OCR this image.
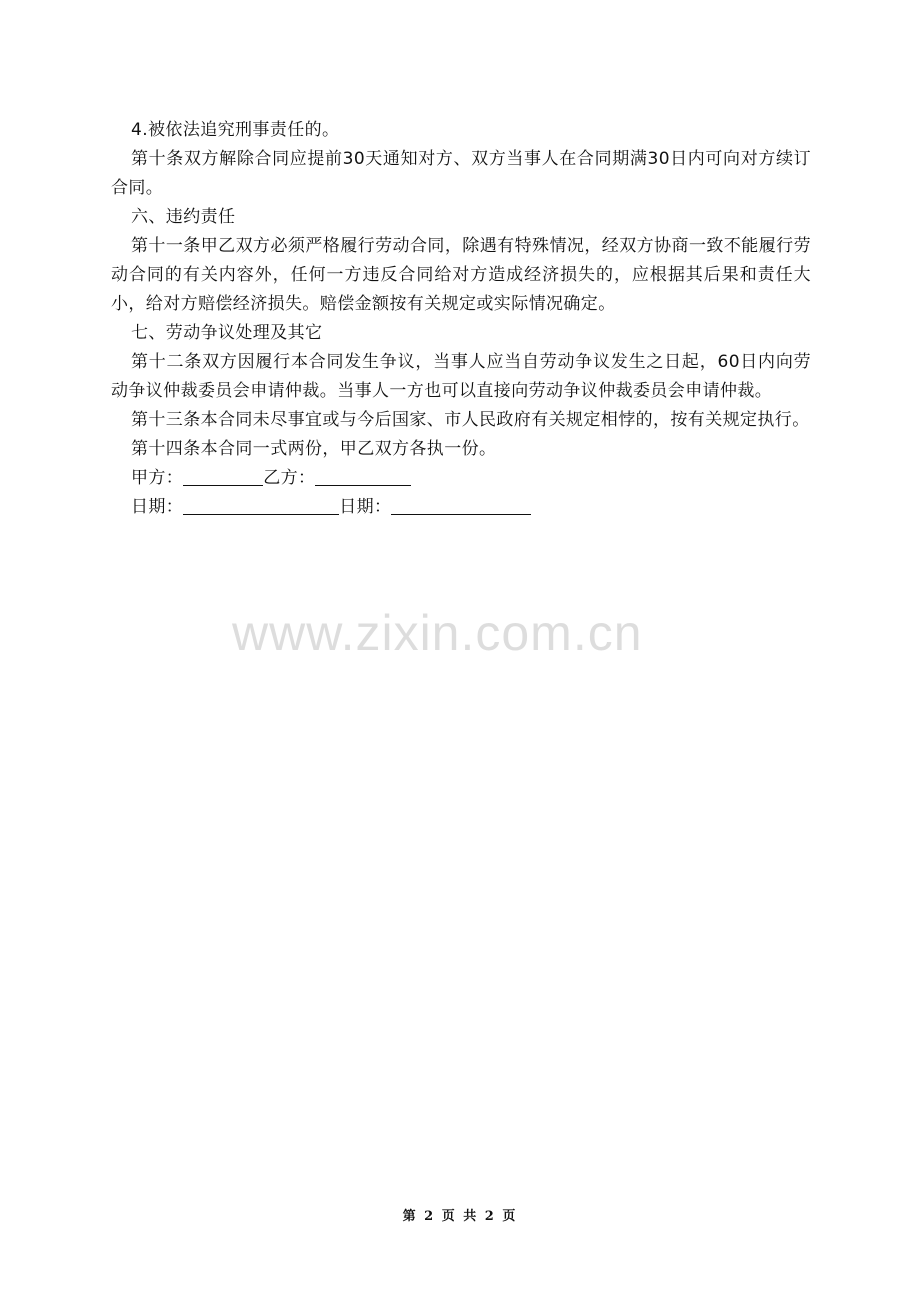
4.被依法追究刑事责任的。

第十条双方解除合同应提前30天通知对方、双方当事人在合同期满30日内可向对方续订合同。

六、违约责任

第十一条甲乙双方必须严格履行劳动合同，除遇有特殊情况，经双方协商一致不能履行劳动合同的有关内容外，任何一方违反合同给对方造成经济损失的，应根据其后果和责任大小，给对方赔偿经济损失。赔偿金额按有关规定或实际情况确定。

七、劳动争议处理及其它

第十二条双方因履行本合同发生争议，当事人应当自劳动争议发生之日起，60日内向劳动争议仲裁委员会申请仲裁。当事人一方也可以直接向劳动争议仲裁委员会申请仲裁。

第十三条本合同未尽事宜或与今后国家、市人民政府有关规定相悖的，按有关规定执行。

第十四条本合同一式两份，甲乙双方各执一份。

甲方：	乙方：

日期：	日期：

www.zixin.com.cn
第 2 页 共 2 页
